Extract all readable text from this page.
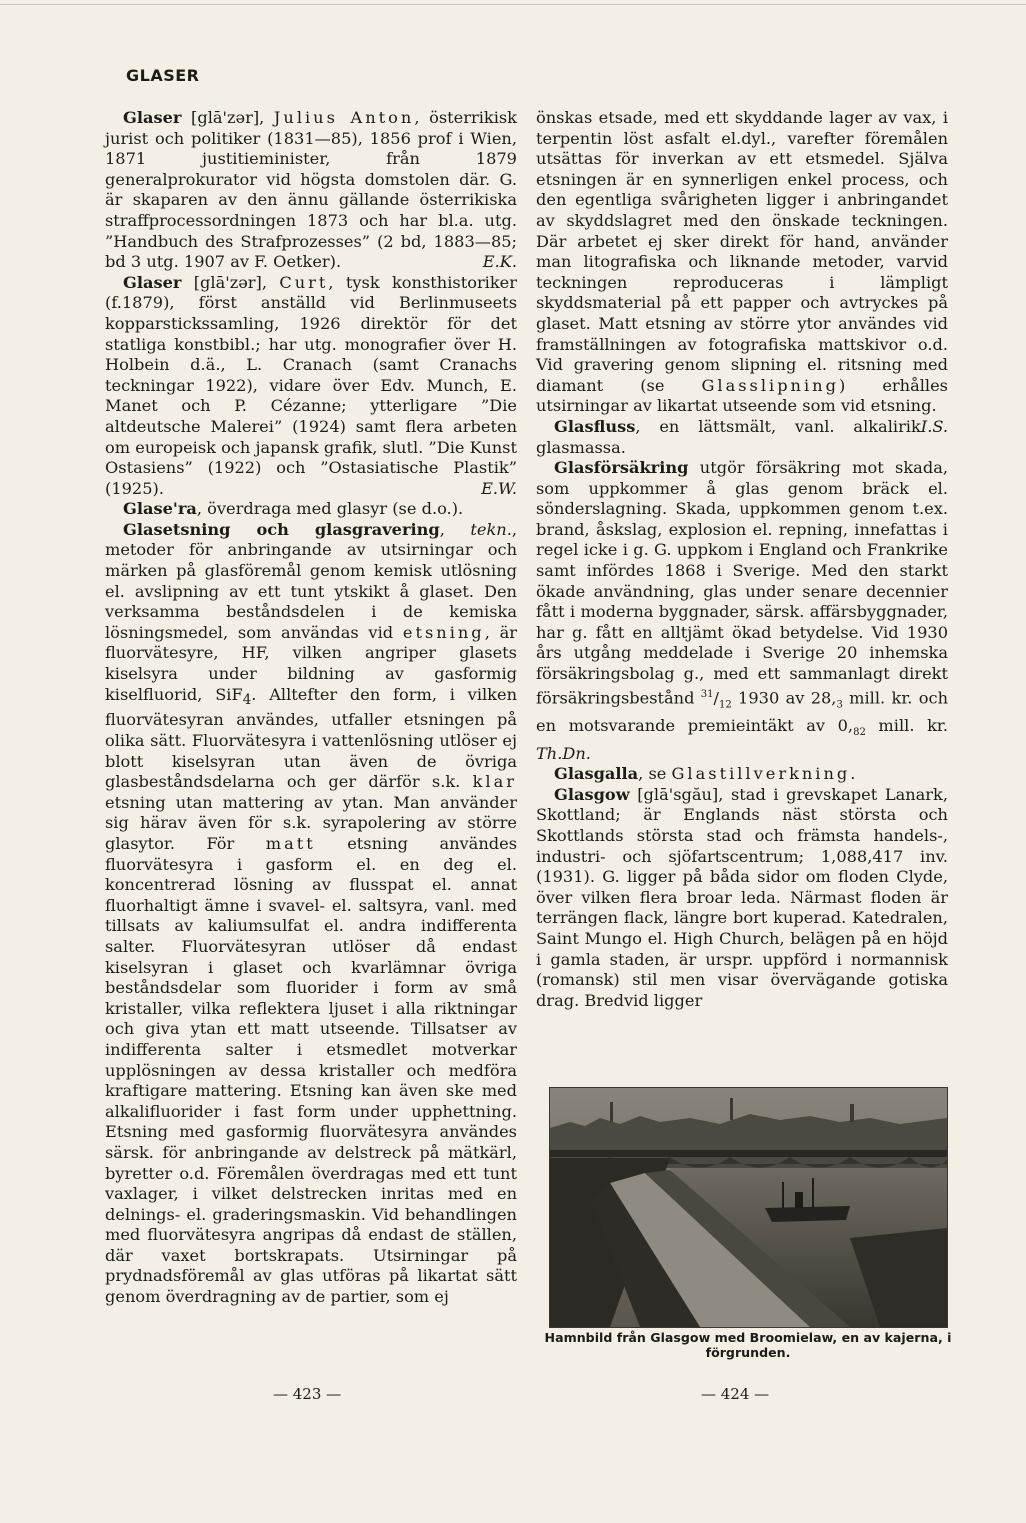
GLASER

Glaser [glā'zər], Julius Anton, österrikisk jurist och politiker (1831—85), 1856 prof i Wien, 1871 justitieminister, från 1879 generalprokurator vid högsta domstolen där. G. är skaparen av den ännu gällande österrikiska straffprocessordningen 1873 och har bl.a. utg. ”Handbuch des Strafprozesses” (2 bd, 1883—85; bd 3 utg. 1907 av F. Oetker).	E.K.

Glaser [glā'zər], Curt, tysk konsthistoriker (f.1879), först anställd vid Berlinmuseets kopparstickssamling, 1926 direktör för det statliga konstbibl.; har utg. monografier över H. Holbein d.ä., L. Cranach (samt Cranachs teckningar 1922), vidare över Edv. Munch, E. Manet och P. Cézanne; ytterligare ”Die altdeutsche Malerei” (1924) samt flera arbeten om europeisk och japansk grafik, slutl. ”Die Kunst Ostasiens” (1922) och ”Ostasiatische Plastik” (1925).	E.W.

Glase'ra, överdraga med glasyr (se d.o.).

Glasetsning och glasgravering, tekn., metoder för anbringande av utsirningar och märken på glasföremål genom kemisk utlösning el. avslipning av ett tunt ytskikt å glaset. Den verksamma beståndsdelen i de kemiska lösningsmedel, som användas vid etsning, är fluorvätesyre, HF, vilken angriper glasets kiselsyra under bildning av gasformig kiselfluorid, SiF$_4$. Alltefter den form, i vilken fluorvätesyran användes, utfaller etsningen på olika sätt. Fluorvätesyra i vattenlösning utlöser ej blott kiselsyran utan även de övriga glasbeståndsdelarna och ger därför s.k. klar etsning utan mattering av ytan. Man använder sig härav även för s.k. syrapolering av större glasytor. För matt etsning användes fluorvätesyra i gasform el. en deg el. koncentrerad lösning av flusspat el. annat fluorhaltigt ämne i svavel- el. saltsyra, vanl. med tillsats av kaliumsulfat el. andra indifferenta salter. Fluorvätesyran utlöser då endast kiselsyran i glaset och kvarlämnar övriga beståndsdelar som fluorider i form av små kristaller, vilka reflektera ljuset i alla riktningar och giva ytan ett matt utseende. Tillsatser av indifferenta salter i etsmedlet motverkar upplösningen av dessa kristaller och medföra kraftigare mattering. Etsning kan även ske med alkalifluorider i fast form under upphettning. Etsning med gasformig fluorvätesyra användes särsk. för anbringande av delstreck på mätkärl, byretter o.d. Föremålen överdragas med ett tunt vaxlager, i vilket delstrecken inritas med en delnings- el. graderingsmaskin. Vid behandlingen med fluorvätesyra angripas då endast de ställen, där vaxet bortskrapats. Utsirningar på prydnadsföremål av glas utföras på likartat sätt genom överdragning av de partier, som ej

önskas etsade, med ett skyddande lager av vax, i terpentin löst asfalt el.dyl., varefter föremålen utsättas för inverkan av ett etsmedel. Själva etsningen är en synnerligen enkel process, och den egentliga svårigheten ligger i anbringandet av skyddslagret med den önskade teckningen. Där arbetet ej sker direkt för hand, använder man litografiska och liknande metoder, varvid teckningen reproduceras i lämpligt skyddsmaterial på ett papper och avtryckes på glaset. Matt etsning av större ytor användes vid framställningen av fotografiska mattskivor o.d. Vid gravering genom slipning el. ritsning med diamant (se Glasslipning) erhålles utsirningar av likartat utseende som vid etsning.
I.S.

Glasfluss, en lättsmält, vanl. alkalirik glasmassa.

Glasförsäkring utgör försäkring mot skada, som uppkommer å glas genom bräck el. sönderslagning. Skada, uppkommen genom t.ex. brand, åskslag, explosion el. repning, innefattas i regel icke i g. G. uppkom i England och Frankrike samt infördes 1868 i Sverige. Med den starkt ökade användning, glas under senare decennier fått i moderna byggnader, särsk. affärsbyggnader, har g. fått en alltjämt ökad betydelse. Vid 1930 års utgång meddelade i Sverige 20 inhemska försäkringsbolag g., med ett sammanlagt direkt försäkringsbestånd $^{31}/_{12}$ 1930 av $28,_3$ mill. kr. och en motsvarande premieintäkt av $0,_{82}$ mill. kr. Th.Dn.

Glasgalla, se Glastillverkning.

Glasgow [glā'sgău], stad i grevskapet Lanark, Skottland; är Englands näst största och Skottlands största stad och främsta handels-, industri- och sjöfartscentrum; 1,088,417 inv. (1931). G. ligger på båda sidor om floden Clyde, över vilken flera broar leda. Närmast floden är terrängen flack, längre bort kuperad. Katedralen, Saint Mungo el. High Church, belägen på en höjd i gamla staden, är urspr. uppförd i normannisk (romansk) stil men visar övervägande gotiska drag. Bredvid ligger

Hamnbild från Glasgow med Broomielaw, en av kajerna, i förgrunden.
— 423 —	— 424 —
